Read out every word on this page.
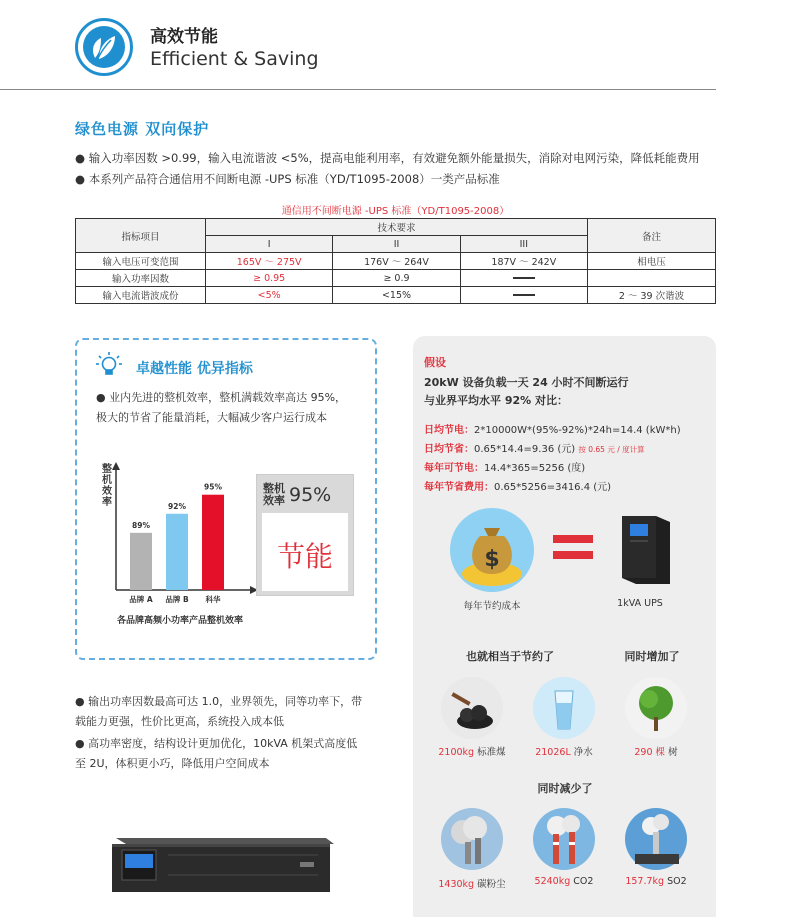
高效节能
Efficient & Saving
绿色电源 双向保护
● 输入功率因数 >0.99，输入电流谐波 <5%，提高电能利用率，有效避免额外能量损失，消除对电网污染，降低耗能费用
● 本系列产品符合通信用不间断电源 -UPS 标准（YD/T1095-2008）一类产品标准
通信用不间断电源 -UPS 标准（YD/T1095-2008）
指标项目	技术要求			备注
	I	II	III	
输入电压可变范围	165V ～ 275V	176V ～ 264V	187V ～ 242V	相电压
输入功率因数	≥ 0.95	≥ 0.9		
输入电流谐波成份	<5%	<15%		2 ～ 39 次谐波
卓越性能 优异指标
● 业内先进的整机效率，整机满载效率高达 95%，
极大的节省了能量消耗，大幅减少客户运行成本
整机效率
89%
品牌 A
92%
品牌 B
95%
科华
各品牌高频小功率产品整机效率
整机
效率 95%
节能
● 输出功率因数最高可达 1.0，业界领先，同等功率下，带
载能力更强，性价比更高，系统投入成本低
● 高功率密度，结构设计更加优化，10kVA 机架式高度低
至 2U，体积更小巧，降低用户空间成本
假设
20kW 设备负载一天 24 小时不间断运行
与业界平均水平 92% 对比：
日均节电：2*10000W*(95%-92%)*24h=14.4 (kW*h)
日均节省：0.65*14.4=9.36 (元) 按 0.65 元 / 度计算
每年可节电：14.4*365=5256 (度)
每年节省费用：0.65*5256=3416.4 (元)
$
每年节约成本	1kVA UPS
也就相当于节约了	同时增加了
2100kg 标准煤	21026L 净水	290 棵 树
同时减少了
1430kg 碳粉尘	5240kg CO2	157.7kg SO2
